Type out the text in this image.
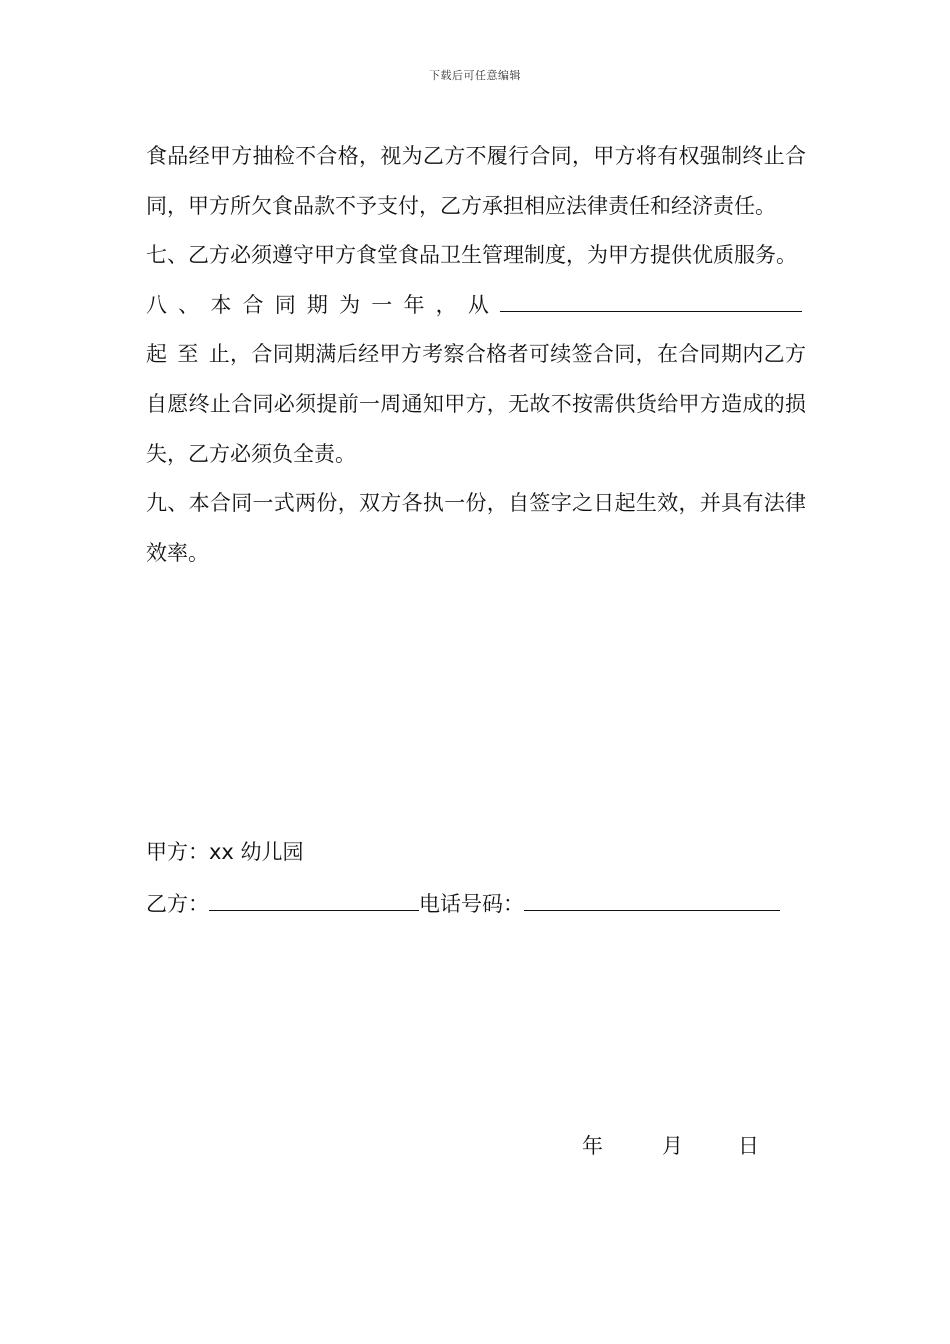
下载后可任意编辑

食品经甲方抽检不合格，视为乙方不履行合同，甲方将有权强制终止合同，甲方所欠食品款不予支付，乙方承担相应法律责任和经济责任。

七、乙方必须遵守甲方食堂食品卫生管理制度，为甲方提供优质服务。

八、本合同期为一年，从起至止，合同期满后经甲方考察合格者可续签合同，在合同期内乙方自愿终止合同必须提前一周通知甲方，无故不按需供货给甲方造成的损失，乙方必须负全责。

九、本合同一式两份，双方各执一份，自签字之日起生效，并具有法律效率。

甲方：xx 幼儿园
乙方：	电话号码：
年	月	日
